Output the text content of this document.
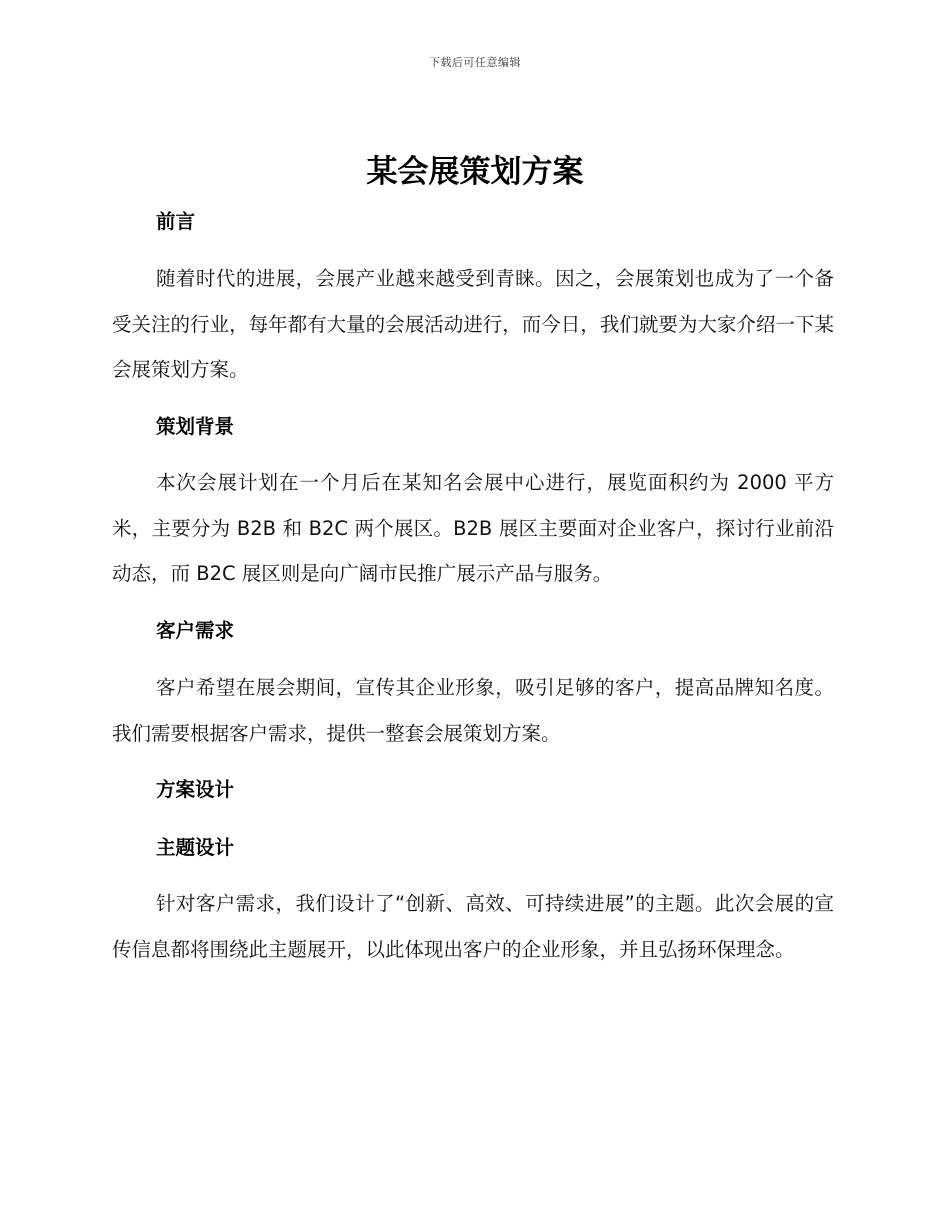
下载后可任意编辑
某会展策划方案
前言

随着时代的进展，会展产业越来越受到青睐。因之，会展策划也成为了一个备受关注的行业，每年都有大量的会展活动进行，而今日，我们就要为大家介绍一下某会展策划方案。

策划背景

本次会展计划在一个月后在某知名会展中心进行，展览面积约为 2000 平方米，主要分为 B2B 和 B2C 两个展区。B2B 展区主要面对企业客户，探讨行业前沿动态，而 B2C 展区则是向广阔市民推广展示产品与服务。

客户需求

客户希望在展会期间，宣传其企业形象，吸引足够的客户，提高品牌知名度。我们需要根据客户需求，提供一整套会展策划方案。

方案设计
主题设计

针对客户需求，我们设计了“创新、高效、可持续进展”的主题。此次会展的宣传信息都将围绕此主题展开，以此体现出客户的企业形象，并且弘扬环保理念。
